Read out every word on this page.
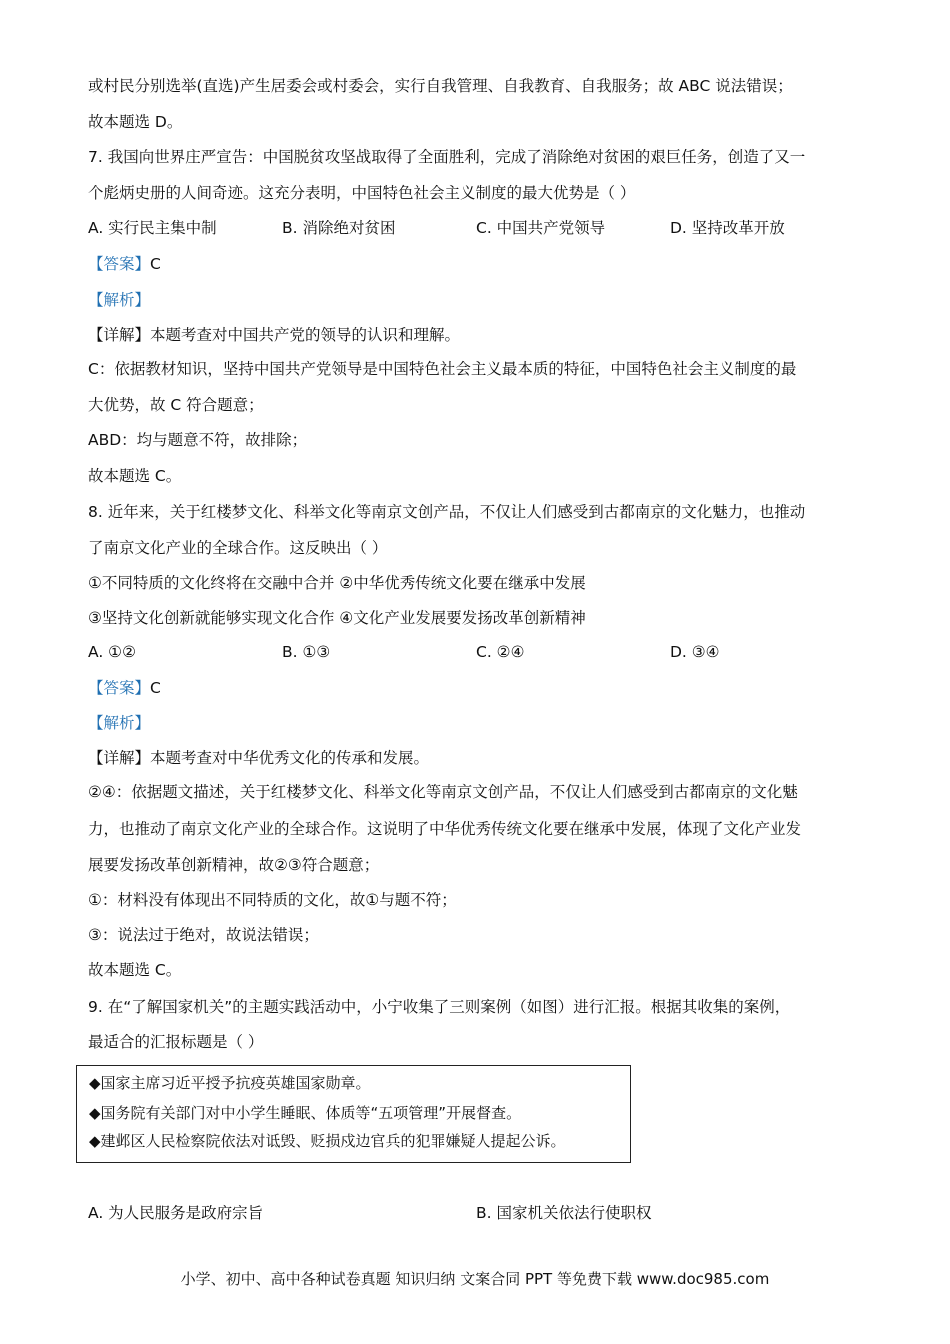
或村民分别选举(直选)产生居委会或村委会，实行自我管理、自我教育、自我服务；故 ABC 说法错误；
故本题选 D。
7. 我国向世界庄严宣告：中国脱贫攻坚战取得了全面胜利，完成了消除绝对贫困的艰巨任务，创造了又一
个彪炳史册的人间奇迹。这充分表明，中国特色社会主义制度的最大优势是（ ）
A. 实行民主集中制	B. 消除绝对贫困	C. 中国共产党领导	D. 坚持改革开放
【答案】C
【解析】
【详解】本题考查对中国共产党的领导的认识和理解。
C：依据教材知识，坚持中国共产党领导是中国特色社会主义最本质的特征，中国特色社会主义制度的最
大优势，故 C 符合题意；
ABD：均与题意不符，故排除；
故本题选 C。
8. 近年来，关于红楼梦文化、科举文化等南京文创产品，不仅让人们感受到古都南京的文化魅力，也推动
了南京文化产业的全球合作。这反映出（ ）
①不同特质的文化终将在交融中合并 ②中华优秀传统文化要在继承中发展
③坚持文化创新就能够实现文化合作 ④文化产业发展要发扬改革创新精神
A. ①②	B. ①③	C. ②④	D. ③④
【答案】C
【解析】
【详解】本题考查对中华优秀文化的传承和发展。
②④：依据题文描述，关于红楼梦文化、科举文化等南京文创产品，不仅让人们感受到古都南京的文化魅
力，也推动了南京文化产业的全球合作。这说明了中华优秀传统文化要在继承中发展，体现了文化产业发
展要发扬改革创新精神，故②③符合题意；
①：材料没有体现出不同特质的文化，故①与题不符；
③：说法过于绝对，故说法错误；
故本题选 C。
9. 在“了解国家机关”的主题实践活动中，小宁收集了三则案例（如图）进行汇报。根据其收集的案例，
最适合的汇报标题是（ ）
◆国家主席习近平授予抗疫英雄国家勋章。
◆国务院有关部门对中小学生睡眠、体质等“五项管理”开展督查。
◆建邺区人民检察院依法对诋毁、贬损戍边官兵的犯罪嫌疑人提起公诉。
A. 为人民服务是政府宗旨	B. 国家机关依法行使职权
小学、初中、高中各种试卷真题 知识归纳 文案合同 PPT 等免费下载 www.doc985.com
